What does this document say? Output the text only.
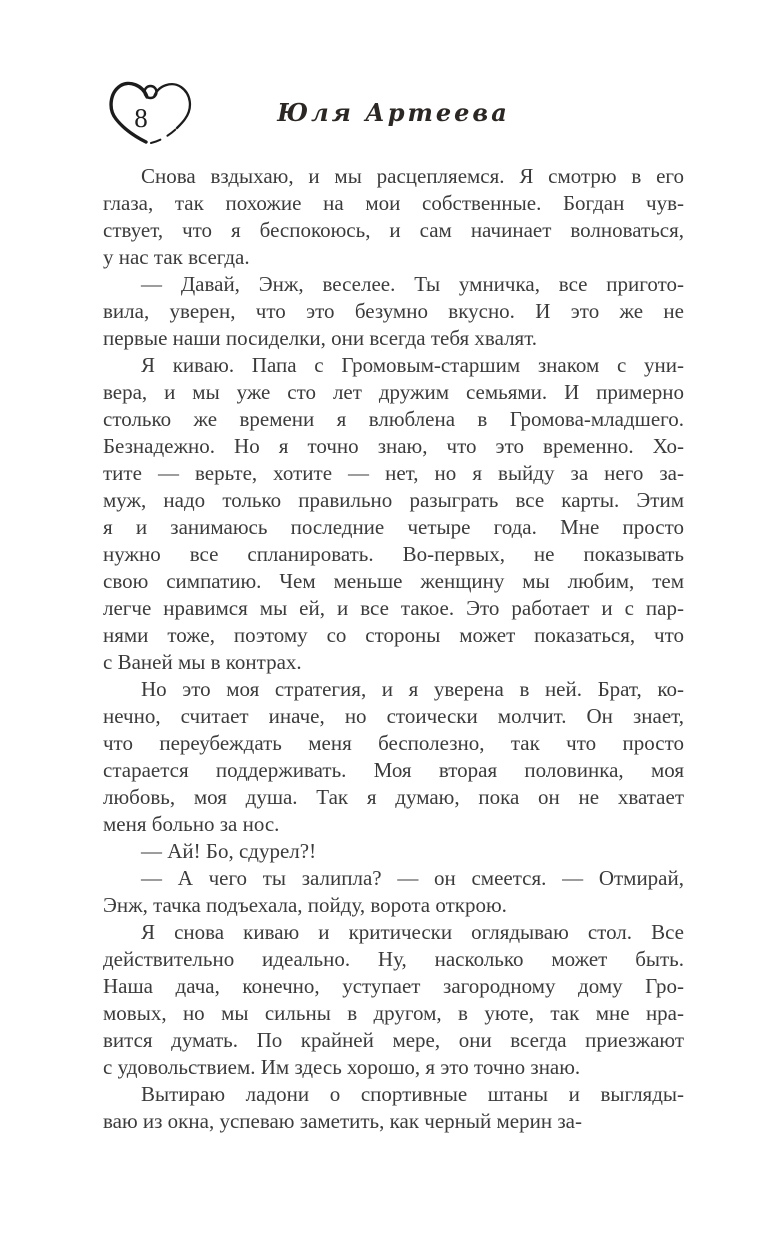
8	Юля Артеева
Снова вздыхаю, и мы расцепляемся. Я смотрю в его
глаза, так похожие на мои собственные. Богдан чув-
ствует, что я беспокоюсь, и сам начинает волноваться,
у нас так всегда.
— Давай, Энж, веселее. Ты умничка, все пригото-
вила, уверен, что это безумно вкусно. И это же не
первые наши посиделки, они всегда тебя хвалят.
Я киваю. Папа с Громовым-старшим знаком с уни-
вера, и мы уже сто лет дружим семьями. И примерно
столько же времени я влюблена в Громова-младшего.
Безнадежно. Но я точно знаю, что это временно. Хо-
тите — верьте, хотите — нет, но я выйду за него за-
муж, надо только правильно разыграть все карты. Этим
я и занимаюсь последние четыре года. Мне просто
нужно все спланировать. Во-первых, не показывать
свою симпатию. Чем меньше женщину мы любим, тем
легче нравимся мы ей, и все такое. Это работает и с пар-
нями тоже, поэтому со стороны может показаться, что
с Ваней мы в контрах.
Но это моя стратегия, и я уверена в ней. Брат, ко-
нечно, считает иначе, но стоически молчит. Он знает,
что переубеждать меня бесполезно, так что просто
старается поддерживать. Моя вторая половинка, моя
любовь, моя душа. Так я думаю, пока он не хватает
меня больно за нос.
— Ай! Бо, сдурел?!
— А чего ты залипла? — он смеется. — Отмирай,
Энж, тачка подъехала, пойду, ворота открою.
Я снова киваю и критически оглядываю стол. Все
действительно идеально. Ну, насколько может быть.
Наша дача, конечно, уступает загородному дому Гро-
мовых, но мы сильны в другом, в уюте, так мне нра-
вится думать. По крайней мере, они всегда приезжают
с удовольствием. Им здесь хорошо, я это точно знаю.
Вытираю ладони о спортивные штаны и выгляды-
ваю из окна, успеваю заметить, как черный мерин за-
